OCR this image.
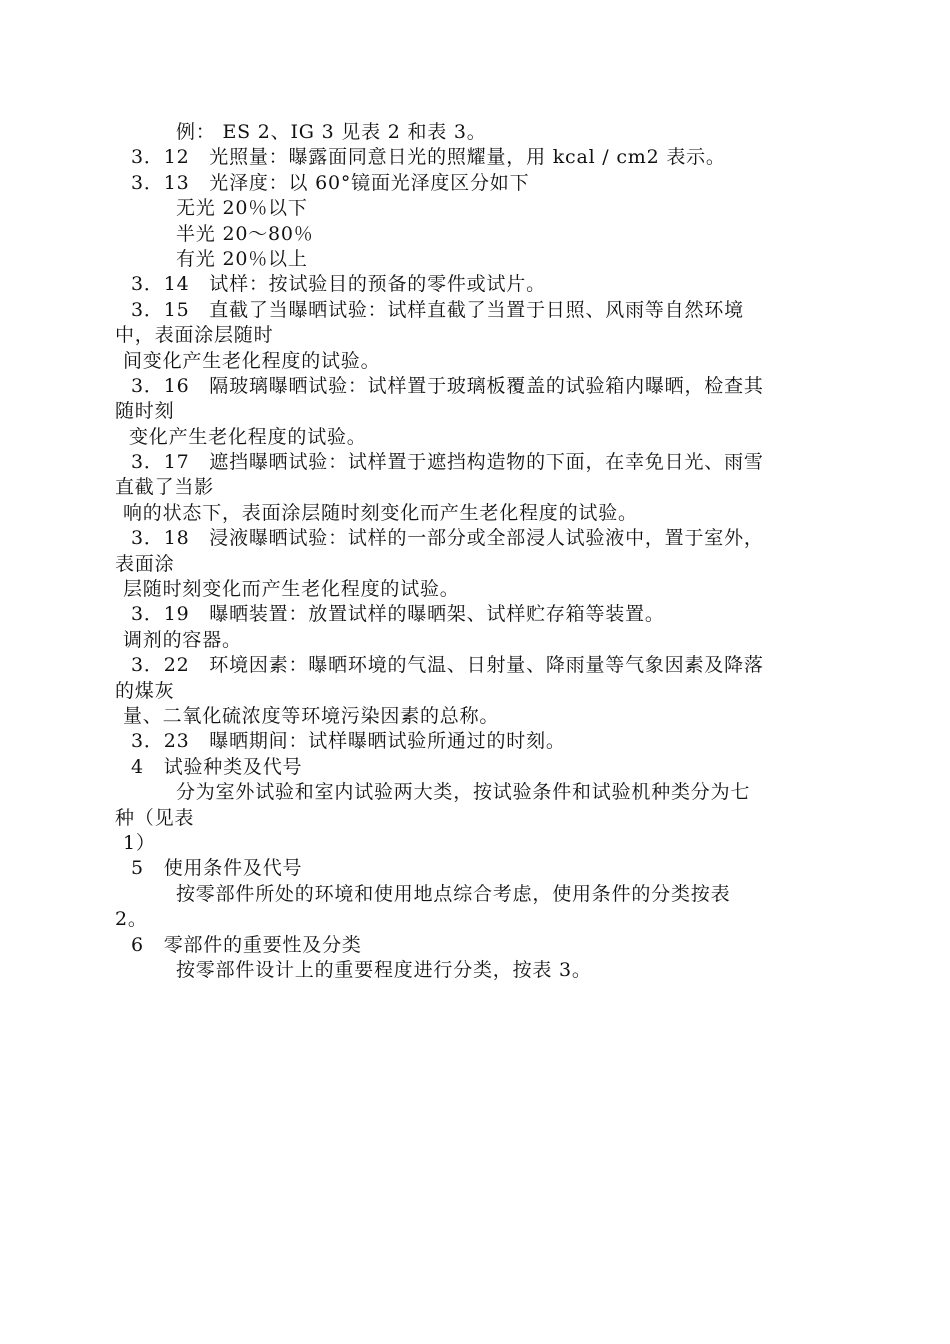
例： ES 2、IG 3 见表 2 和表 3。
3．12　光照量：曝露面同意日光的照耀量，用 kcal / cm2 表示。
3．13　光泽度：以 60°镜面光泽度区分如下
无光 20％以下
半光 20～80％
有光 20％以上
3．14　试样：按试验目的预备的零件或试片。
3．15　直截了当曝晒试验：试样直截了当置于日照、风雨等自然环境
中，表面涂层随时
间变化产生老化程度的试验。
3．16　隔玻璃曝晒试验：试样置于玻璃板覆盖的试验箱内曝晒，检查其
随时刻
变化产生老化程度的试验。
3．17　遮挡曝晒试验：试样置于遮挡构造物的下面，在幸免日光、雨雪
直截了当影
响的状态下，表面涂层随时刻变化而产生老化程度的试验。
3．18　浸液曝晒试验：试样的一部分或全部浸人试验液中，置于室外，
表面涂
层随时刻变化而产生老化程度的试验。
3．19　曝晒装置：放置试样的曝晒架、试样贮存箱等装置。
调剂的容器。
3．22　环境因素：曝晒环境的气温、日射量、降雨量等气象因素及降落
的煤灰
量、二氧化硫浓度等环境污染因素的总称。
3．23　曝晒期间：试样曝晒试验所通过的时刻。
4　试验种类及代号
分为室外试验和室内试验两大类，按试验条件和试验机种类分为七
种（见表
1）
5　使用条件及代号
按零部件所处的环境和使用地点综合考虑，使用条件的分类按表
2。
6　零部件的重要性及分类
按零部件设计上的重要程度进行分类，按表 3。
